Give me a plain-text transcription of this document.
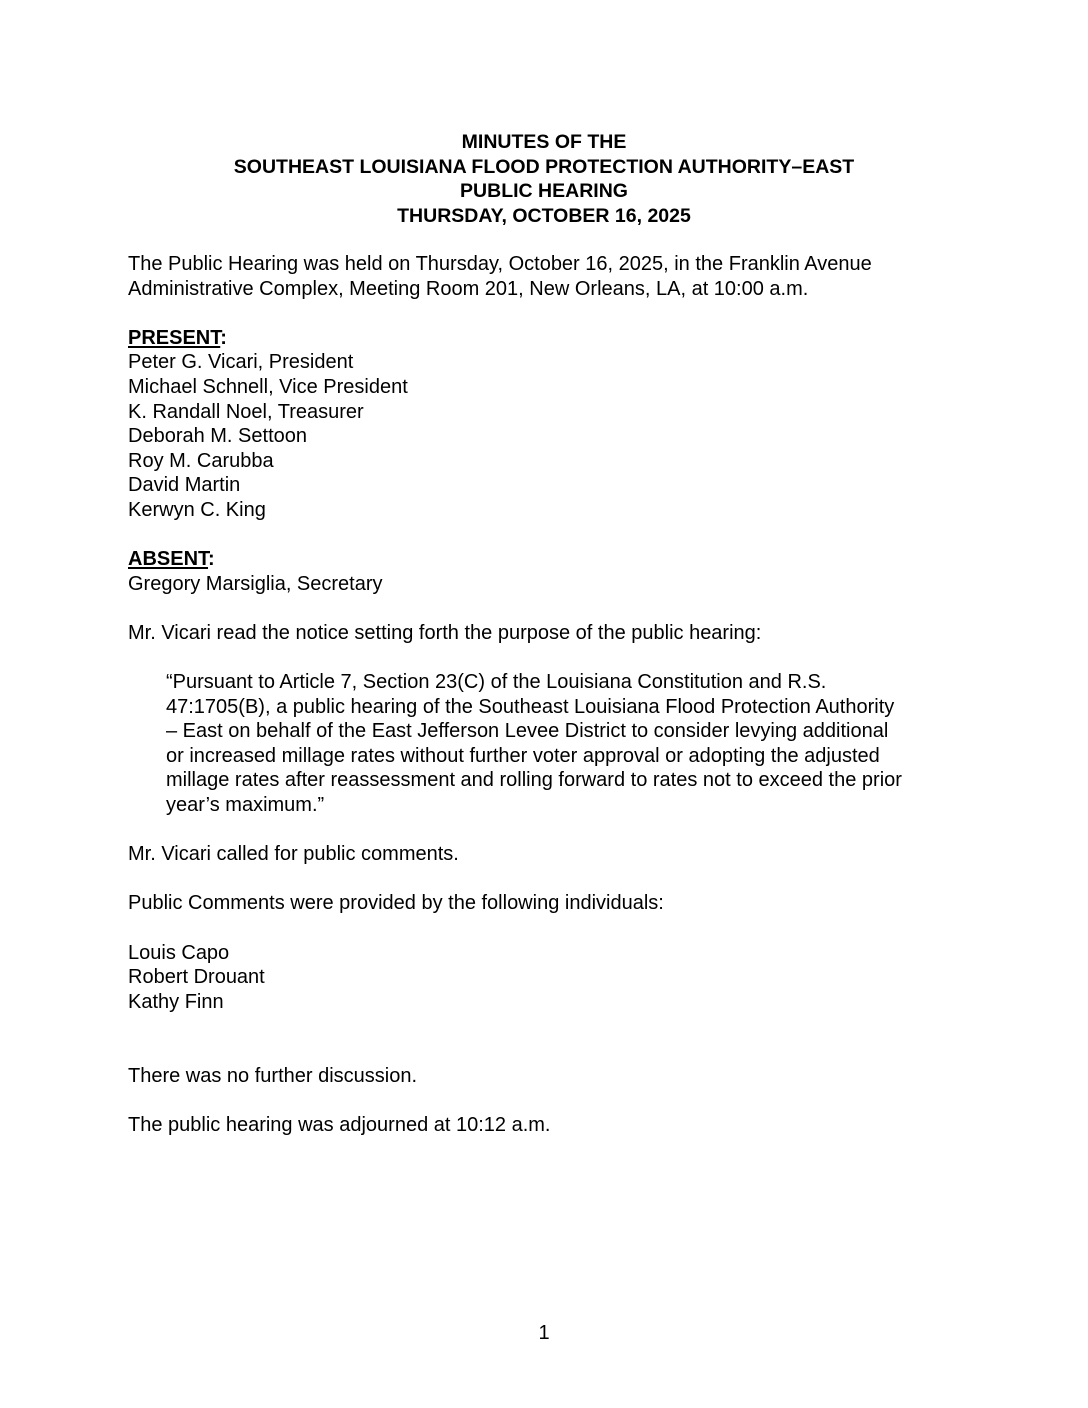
MINUTES OF THE
SOUTHEAST LOUISIANA FLOOD PROTECTION AUTHORITY–EAST
PUBLIC HEARING
THURSDAY, OCTOBER 16, 2025

The Public Hearing was held on Thursday, October 16, 2025, in the Franklin Avenue

Administrative Complex, Meeting Room 201, New Orleans, LA, at 10:00 a.m.

PRESENT:

Peter G. Vicari, President

Michael Schnell, Vice President

K. Randall Noel, Treasurer

Deborah M. Settoon

Roy M. Carubba

David Martin

Kerwyn C. King

ABSENT:

Gregory Marsiglia, Secretary

Mr. Vicari read the notice setting forth the purpose of the public hearing:

“Pursuant to Article 7, Section 23(C) of the Louisiana Constitution and R.S.

47:1705(B), a public hearing of the Southeast Louisiana Flood Protection Authority

– East on behalf of the East Jefferson Levee District to consider levying additional

or increased millage rates without further voter approval or adopting the adjusted

millage rates after reassessment and rolling forward to rates not to exceed the prior

year’s maximum.”

Mr. Vicari called for public comments.

Public Comments were provided by the following individuals:

Louis Capo

Robert Drouant

Kathy Finn

There was no further discussion.

The public hearing was adjourned at 10:12 a.m.

1
